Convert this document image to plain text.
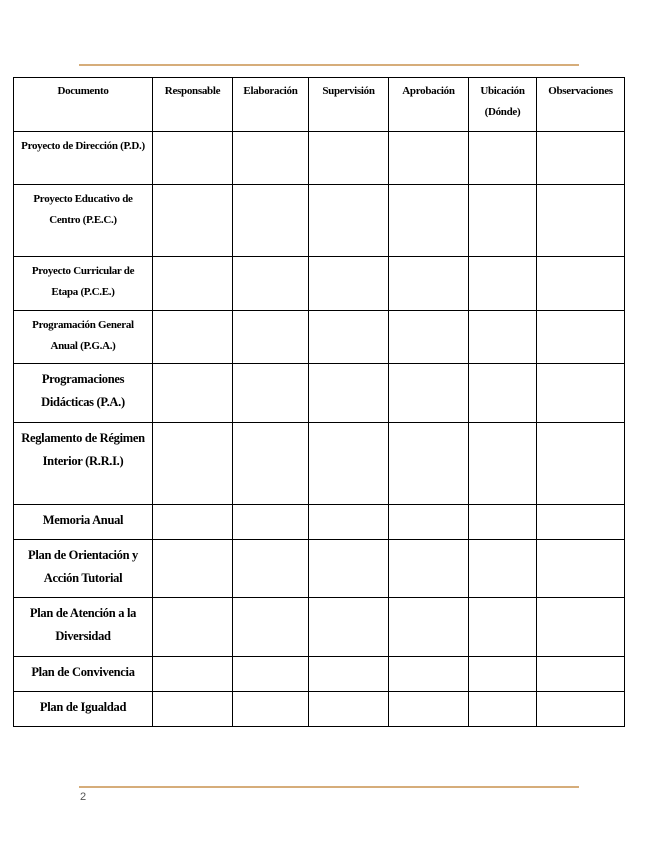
Documento	Responsable	Elaboración	Supervisión	Aprobación	Ubicación (Dónde)	Observaciones
Proyecto de Dirección (P.D.)						
Proyecto Educativo de Centro (P.E.C.)						
Proyecto Curricular de Etapa (P.C.E.)						
Programación General Anual (P.G.A.)						
Programaciones Didácticas (P.A.)						
Reglamento de Régimen Interior (R.R.I.)						
Memoria Anual						
Plan de Orientación y Acción Tutorial						
Plan de Atención a la Diversidad						
Plan de Convivencia						
Plan de Igualdad						
2
